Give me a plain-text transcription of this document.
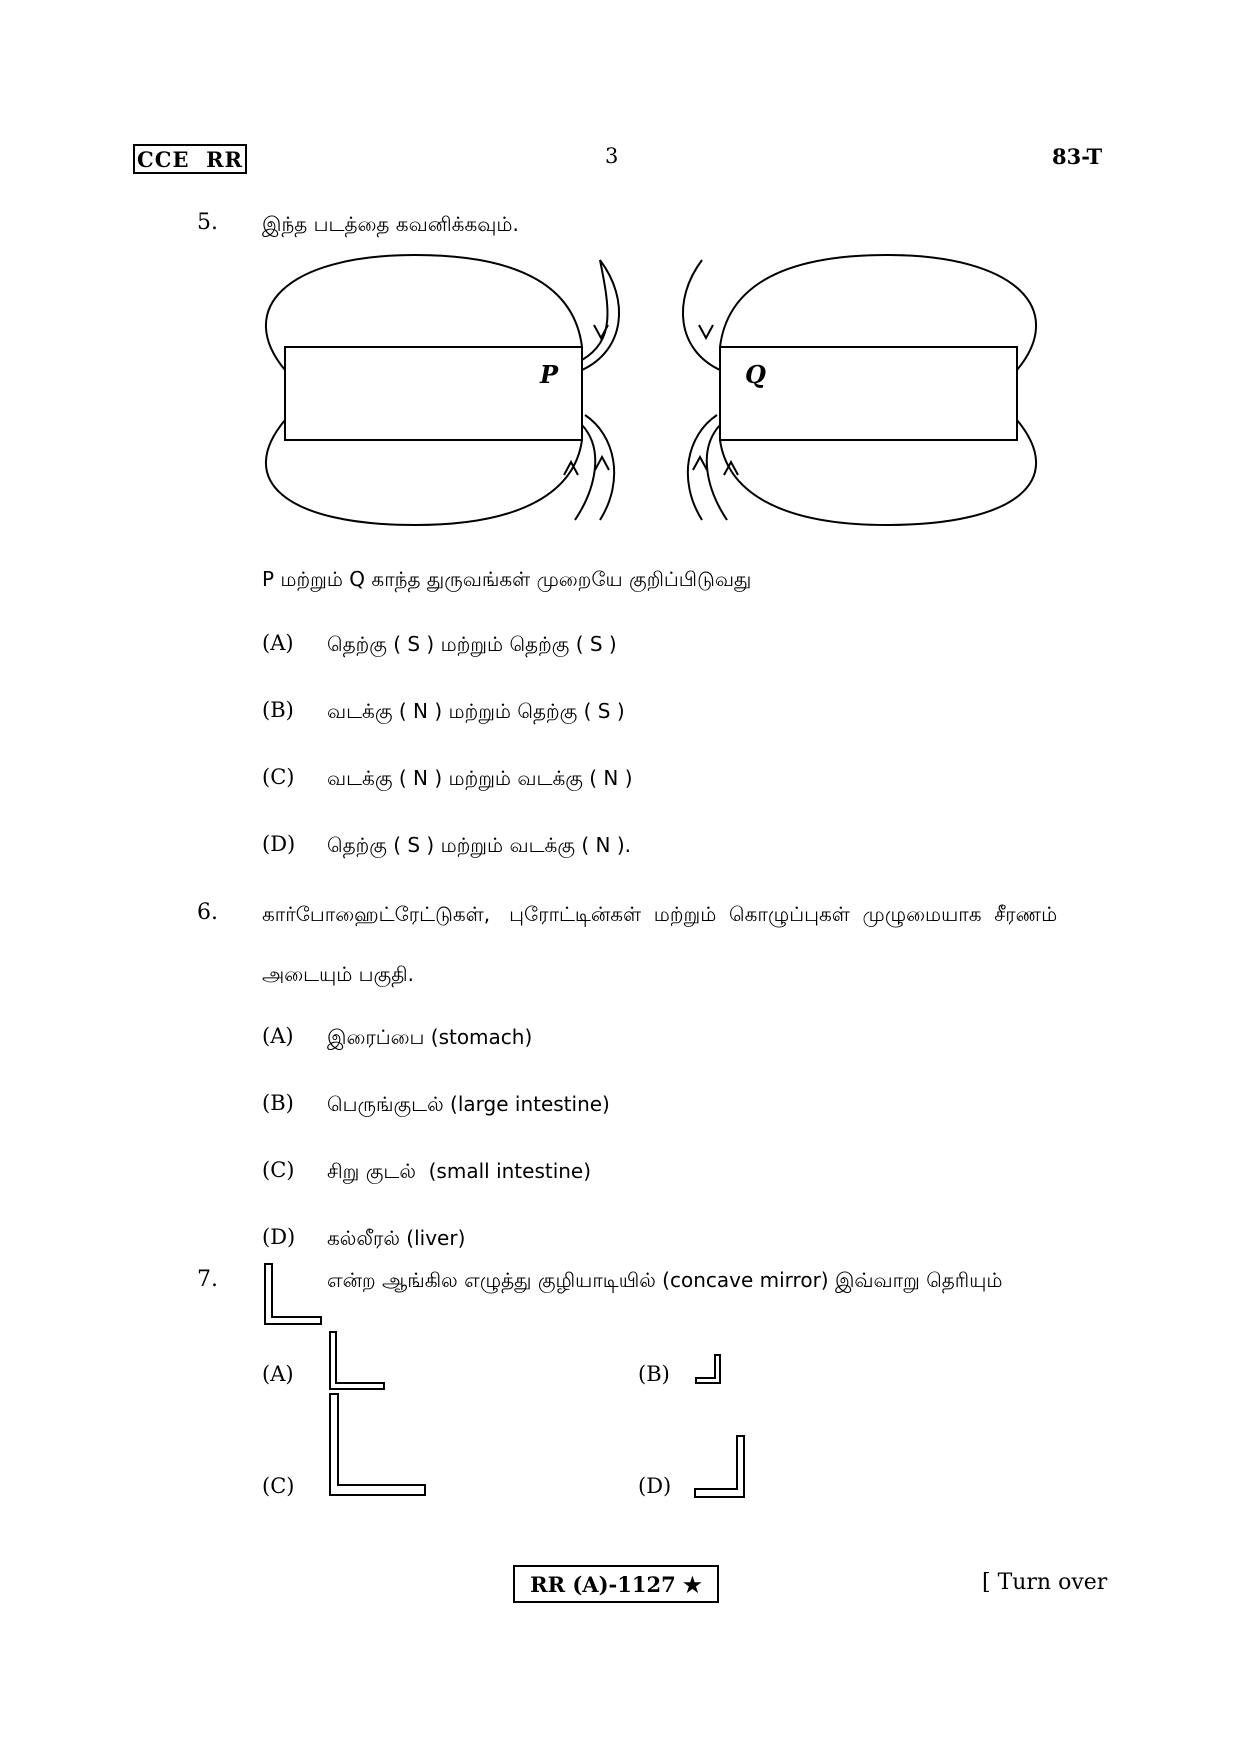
CCE  RR	3	83-T
5. இந்த படத்தை கவனிக்கவும்.
P	Q
P மற்றும் Q காந்த துருவங்கள் முறையே குறிப்பிடுவது
(A) தெற்கு ( S ) மற்றும் தெற்கு ( S )
(B) வடக்கு ( N ) மற்றும் தெற்கு ( S )
(C) வடக்கு ( N ) மற்றும் வடக்கு ( N )
(D) தெற்கு ( S ) மற்றும் வடக்கு ( N ).
6. கார்போஹைட்ரேட்டுகள்,   புரோட்டின்கள்  மற்றும்  கொழுப்புகள்  முழுமையாக  சீரணம்
அடையும் பகுதி.
(A) இரைப்பை (stomach)
(B) பெருங்குடல் (large intestine)
(C) சிறு குடல்  (small intestine)
(D) கல்லீரல் (liver)
7.	என்ற ஆங்கில எழுத்து குழியாடியில் (concave mirror) இவ்வாறு தெரியும்
(A)	(B)
(C)	(D)
RR (A)-1127 ★	[ Turn over
